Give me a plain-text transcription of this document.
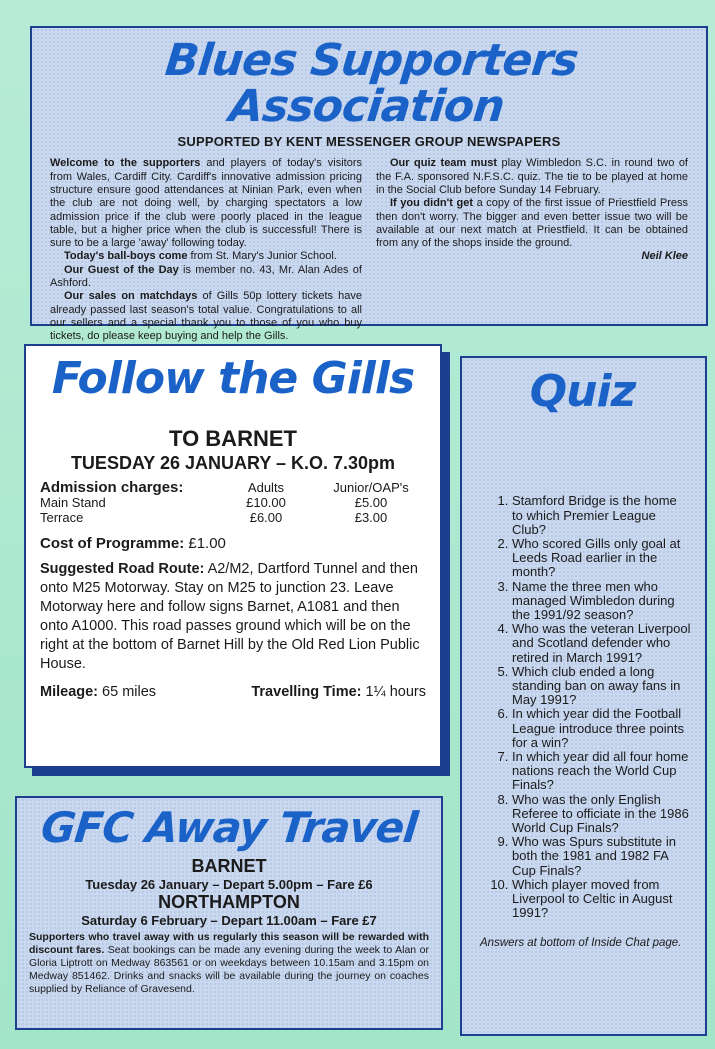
Blues Supporters Association
SUPPORTED BY KENT MESSENGER GROUP NEWSPAPERS

Welcome to the supporters and players of today's visitors from Wales, Cardiff City. Cardiff's innovative admission pricing structure ensure good attendances at Ninian Park, even when the club are not doing well, by charging spectators a low admission price if the club were poorly placed in the league table, but a higher price when the club is successful! There is sure to be a large 'away' following today.

Today's ball-boys come from St. Mary's Junior School.

Our Guest of the Day is member no. 43, Mr. Alan Ades of Ashford.

Our sales on matchdays of Gills 50p lottery tickets have already passed last season's total value. Congratulations to all our sellers and a special thank you to those of you who buy tickets, do please keep buying and help the Gills.

Our quiz team must play Wimbledon S.C. in round two of the F.A. sponsored N.F.S.C. quiz. The tie to be played at home in the Social Club before Sunday 14 February.

If you didn't get a copy of the first issue of Priestfield Press then don't worry. The bigger and even better issue two will be available at our next match at Priestfield. It can be obtained from any of the shops inside the ground.

Neil Klee

Follow the Gills
TO BARNET
TUESDAY 26 JANUARY – K.O. 7.30pm
Admission charges:	Adults	Junior/OAP's
Main Stand	£10.00	£5.00
Terrace	£6.00	£3.00
Cost of Programme: £1.00
Suggested Road Route: A2/M2, Dartford Tunnel and then onto M25 Motorway. Stay on M25 to junction 23. Leave Motorway here and follow signs Barnet, A1081 and then onto A1000. This road passes ground which will be on the right at the bottom of Barnet Hill by the Old Red Lion Public House.
Mileage: 65 miles	Travelling Time: 1¼ hours
Quiz
1. Stamford Bridge is the home to which Premier League Club?
2. Who scored Gills only goal at Leeds Road earlier in the month?
3. Name the three men who managed Wimbledon during the 1991/92 season?
4. Who was the veteran Liverpool and Scotland defender who retired in March 1991?
5. Which club ended a long standing ban on away fans in May 1991?
6. In which year did the Football League introduce three points for a win?
7. In which year did all four home nations reach the World Cup Finals?
8. Who was the only English Referee to officiate in the 1986 World Cup Finals?
9. Who was Spurs substitute in both the 1981 and 1982 FA Cup Finals?
10. Which player moved from Liverpool to Celtic in August 1991?
Answers at bottom of Inside Chat page.
GFC Away Travel
BARNET
Tuesday 26 January – Depart 5.00pm – Fare £6
NORTHAMPTON
Saturday 6 February – Depart 11.00am – Fare £7
Supporters who travel away with us regularly this season will be rewarded with discount fares. Seat bookings can be made any evening during the week to Alan or Gloria Liptrott on Medway 863561 or on weekdays between 10.15am and 3.15pm on Medway 851462. Drinks and snacks will be available during the journey on coaches supplied by Reliance of Gravesend.
